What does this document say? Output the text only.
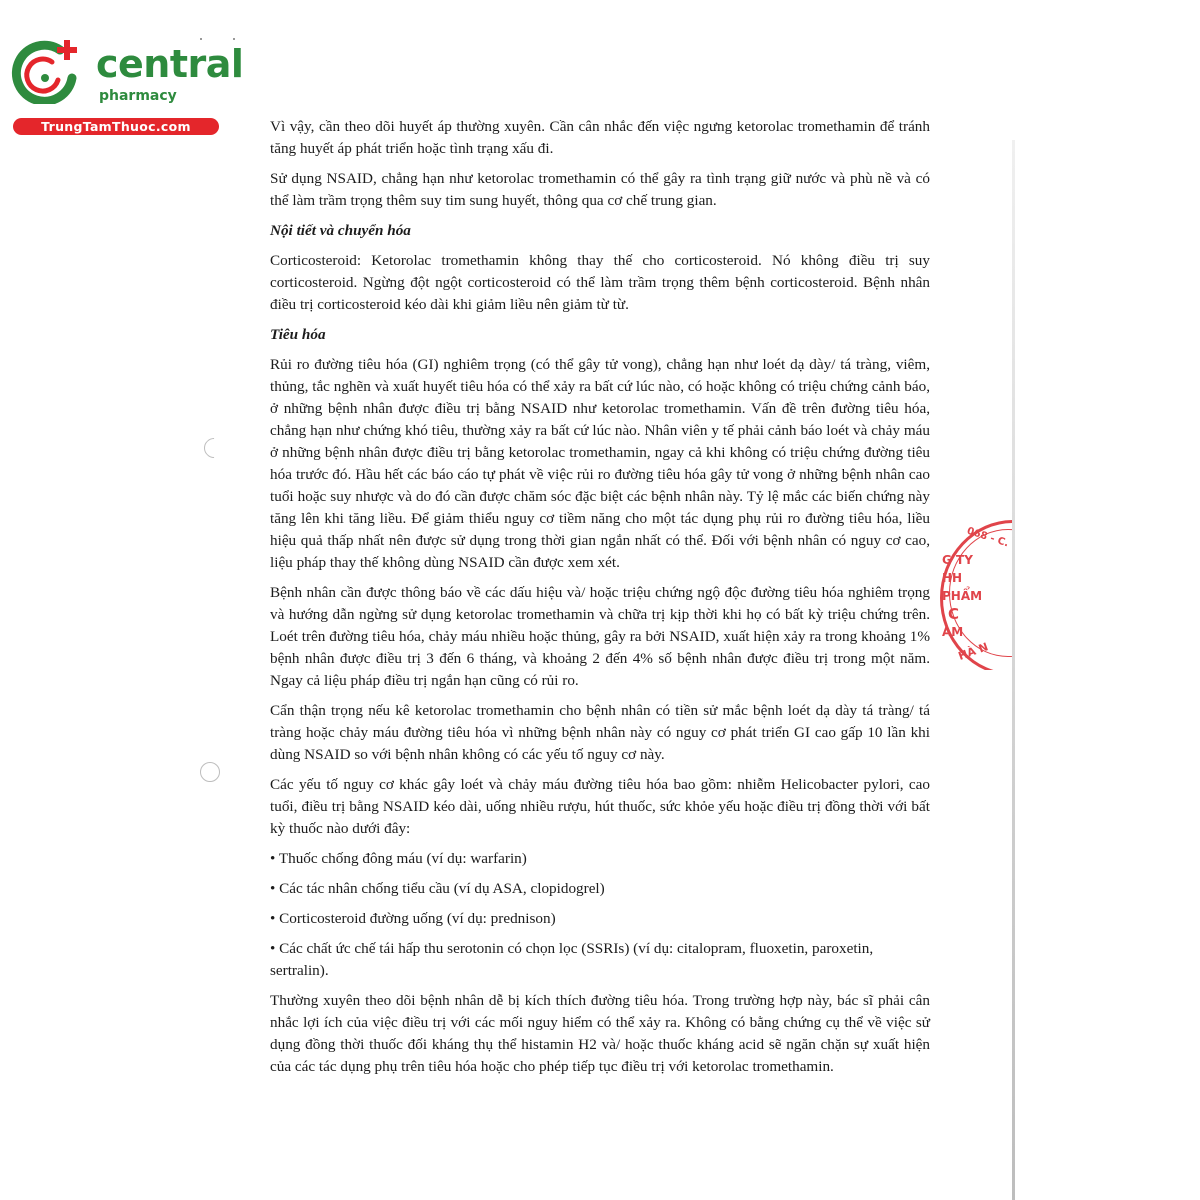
central
pharmacy
TrungTamThuoc.com	Vì vậy, cần theo dõi huyết áp thường xuyên. Cần cân nhắc đến việc ngưng ketorolac tromethamin để tránh tăng huyết áp phát triển hoặc tình trạng xấu đi.

Sử dụng NSAID, chẳng hạn như ketorolac tromethamin có thể gây ra tình trạng giữ nước và phù nề và có thể làm trầm trọng thêm suy tim sung huyết, thông qua cơ chế trung gian.

Nội tiết và chuyển hóa

Corticosteroid: Ketorolac tromethamin không thay thế cho corticosteroid. Nó không điều trị suy corticosteroid. Ngừng đột ngột corticosteroid có thể làm trầm trọng thêm bệnh corticosteroid. Bệnh nhân điều trị corticosteroid kéo dài khi giảm liều nên giảm từ từ.

Tiêu hóa

Rủi ro đường tiêu hóa (GI) nghiêm trọng (có thể gây tử vong), chẳng hạn như loét dạ dày/ tá tràng, viêm, thủng, tắc nghẽn và xuất huyết tiêu hóa có thể xảy ra bất cứ lúc nào, có hoặc không có triệu chứng cảnh báo, ở những bệnh nhân được điều trị bằng NSAID như ketorolac tromethamin. Vấn đề trên đường tiêu hóa, chẳng hạn như chứng khó tiêu, thường xảy ra bất cứ lúc nào. Nhân viên y tế phải cảnh báo loét và chảy máu ở những bệnh nhân được điều trị bằng ketorolac tromethamin, ngay cả khi không có triệu chứng đường tiêu hóa trước đó. Hầu hết các báo cáo tự phát về việc rủi ro đường tiêu hóa gây tử vong ở những bệnh nhân cao tuổi hoặc suy nhược và do đó cần được chăm sóc đặc biệt các bệnh nhân này. Tỷ lệ mắc các biến chứng này tăng lên khi tăng liều. Để giảm thiểu nguy cơ tiềm năng cho một tác dụng phụ rủi ro đường tiêu hóa, liều hiệu quả thấp nhất nên được sử dụng trong thời gian ngắn nhất có thể. Đối với bệnh nhân có nguy cơ cao, liệu pháp thay thế không dùng NSAID cần được xem xét.

Bệnh nhân cần được thông báo về các dấu hiệu và/ hoặc triệu chứng ngộ độc đường tiêu hóa nghiêm trọng và hướng dẫn ngừng sử dụng ketorolac tromethamin và chữa trị kịp thời khi họ có bất kỳ triệu chứng trên. Loét trên đường tiêu hóa, chảy máu nhiều hoặc thủng, gây ra bởi NSAID, xuất hiện xảy ra trong khoảng 1% bệnh nhân được điều trị 3 đến 6 tháng, và khoảng 2 đến 4% số bệnh nhân được điều trị trong một năm. Ngay cả liệu pháp điều trị ngắn hạn cũng có rủi ro.

Cẩn thận trọng nếu kê ketorolac tromethamin cho bệnh nhân có tiền sử mắc bệnh loét dạ dày tá tràng/ tá tràng hoặc chảy máu đường tiêu hóa vì những bệnh nhân này có nguy cơ phát triển GI cao gấp 10 lần khi dùng NSAID so với bệnh nhân không có các yếu tố nguy cơ này.

Các yếu tố nguy cơ khác gây loét và chảy máu đường tiêu hóa bao gồm: nhiễm Helicobacter pylori, cao tuổi, điều trị bằng NSAID kéo dài, uống nhiều rượu, hút thuốc, sức khỏe yếu hoặc điều trị đồng thời với bất kỳ thuốc nào dưới đây:

• Thuốc chống đông máu (ví dụ: warfarin)

• Các tác nhân chống tiểu cầu (ví dụ ASA, clopidogrel)

• Corticosteroid đường uống (ví dụ: prednison)

• Các chất ức chế tái hấp thu serotonin có chọn lọc (SSRIs) (ví dụ: citalopram, fluoxetin, paroxetin, sertralin).

Thường xuyên theo dõi bệnh nhân dễ bị kích thích đường tiêu hóa. Trong trường hợp này, bác sĩ phải cân nhắc lợi ích của việc điều trị với các mối nguy hiểm có thể xảy ra. Không có bằng chứng cụ thể về việc sử dụng đồng thời thuốc đối kháng thụ thể histamin H2 và/ hoặc thuốc kháng acid sẽ ngăn chặn sự xuất hiện của các tác dụng phụ trên tiêu hóa hoặc cho phép tiếp tục điều trị với ketorolac tromethamin.

068 - C.
G TY
HH
PHẨM
C
AM
HÀ N
